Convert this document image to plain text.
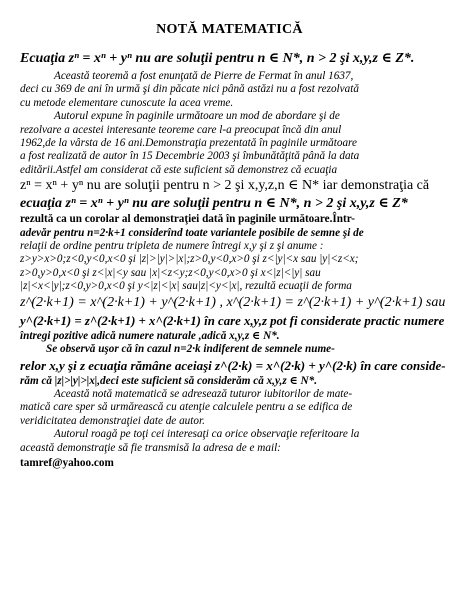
NOTĂ MATEMATICĂ
Ecuaţia zⁿ = xⁿ + yⁿ nu are soluţii pentru n ∈ N*, n > 2 şi x,y,z ∈ Z*.
Această teoremă a fost enunţată de Pierre de Fermat în anul 1637,
deci cu 369 de ani în urmă şi din păcate nici până astăzi nu a fost rezolvată
cu metode elementare cunoscute la acea vreme.
Autorul expune în paginile următoare un mod de abordare şi de
rezolvare a acestei interesante teoreme care l-a preocupat încă din anul
1962,de la vârsta de 16 ani.Demonstraţia prezentată în paginile următoare
a fost realizată de autor în 15 Decembrie 2003 şi îmbunătăţită până la data
editării.Astfel am considerat că este suficient să demonstrez că ecuaţia
zⁿ = xⁿ + yⁿ nu are soluţii pentru n > 2 şi x,y,z,n ∈ N* iar demonstraţia că
ecuaţia zⁿ = xⁿ + yⁿ nu are soluţii pentru n ∈ N*, n > 2 şi x,y,z ∈ Z*
rezultă ca un corolar al demonstraţiei dată în paginile următoare.Într-
adevăr pentru n=2·k+1 considerînd toate variantele posibile de semne şi de
relaţii de ordine pentru tripleta de numere întregi x,y şi z şi anume :
z>y>x>0;z<0,y<0,x<0 şi |z|>|y|>|x|;z>0,y<0,x>0 şi z<|y|<x sau |y|<z<x;
z>0,y>0,x<0 şi z<|x|<y sau |x|<z<y;z<0,y<0,x>0 şi x<|z|<|y| sau
|z|<x<|y|;z<0,y>0,x<0 şi y<|z|<|x| sau|z|<y<|x|, rezultă ecuaţii de forma
z^(2·k+1) = x^(2·k+1) + y^(2·k+1) , x^(2·k+1) = z^(2·k+1) + y^(2·k+1) sau
y^(2·k+1) = z^(2·k+1) + x^(2·k+1) în care x,y,z pot fi considerate practic numere
întregi pozitive adică numere naturale ,adică x,y,z ∈ N*.
Se observă uşor că în cazul n=2·k indiferent de semnele nume-
relor x,y şi z ecuaţia rămâne aceiaşi z^(2·k) = x^(2·k) + y^(2·k) în care conside-
răm că |z|>|y|>|x|,deci este suficient să considerăm că x,y,z ∈ N*.
Această notă matematică se adresează tuturor iubitorilor de mate-
matică care sper să urmărească cu atenţie calculele pentru a se edifica de
veridicitatea demonstraţiei date de autor.
Autorul roagă pe toţi cei interesaţi ca orice observaţie referitoare la
această demonstraţie să fie transmisă la adresa de e mail:
tamref@yahoo.com
